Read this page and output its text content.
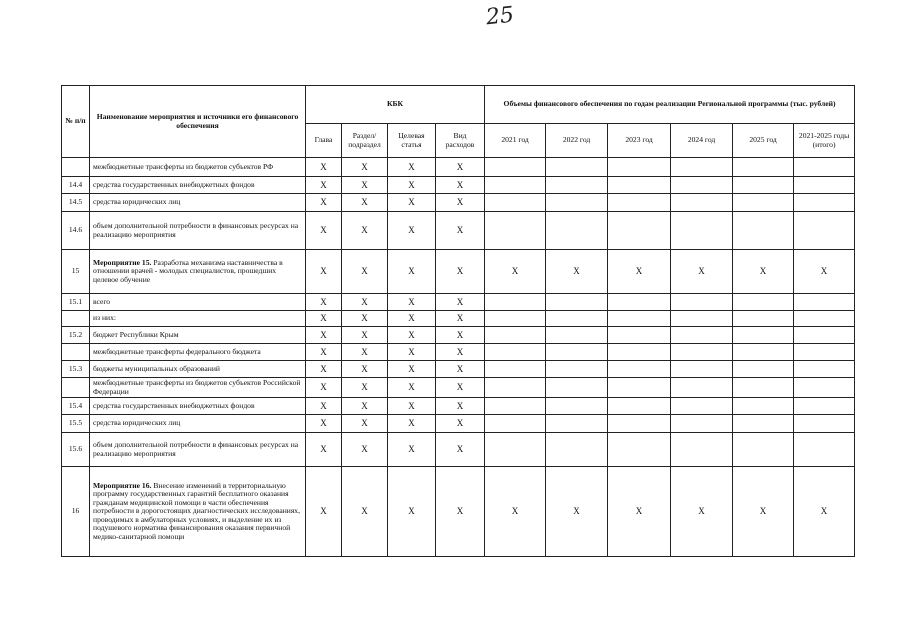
25
№ п/п	Наименование мероприятия и источники его финансового обеспечения	КБК				Объемы финансового обеспечения по годам реализации Региональной программы (тыс. рублей)					
		Глава	Раздел/ подраздел	Целевая статья	Вид расходов	2021 год	2022 год	2023 год	2024 год	2025 год	2021-2025 годы (итого)
	межбюджетные трансферты из бюджетов субъектов РФ	X	X	X	X						
14.4	средства государственных внебюджетных фондов	X	X	X	X						
14.5	средства юридических лиц	X	X	X	X						
14.6	объем дополнительной потребности в финансовых ресурсах на реализацию мероприятия	X	X	X	X						
15	Мероприятие 15. Разработка механизма наставничества в отношении врачей - молодых специалистов, прошедших целевое обучение	X	X	X	X	X	X	X	X	X	X
15.1	всего	X	X	X	X						
	из них:	X	X	X	X						
15.2	бюджет Республики Крым	X	X	X	X						
	межбюджетные трансферты федерального бюджета	X	X	X	X						
15.3	бюджеты муниципальных образований	X	X	X	X						
	межбюджетные трансферты из бюджетов субъектов Российской Федерации	X	X	X	X						
15.4	средства государственных внебюджетных фондов	X	X	X	X						
15.5	средства юридических лиц	X	X	X	X						
15.6	объем дополнительной потребности в финансовых ресурсах на реализацию мероприятия	X	X	X	X						
16	Мероприятие 16. Внесение изменений в территориальную программу государственных гарантий бесплатного оказания гражданам медицинской помощи в части обеспечения потребности в дорогостоящих диагностических исследованиях, проводимых в амбулаторных условиях, и выделение их из подушевого норматива финансирования оказания первичной медико-санитарной помощи	X	X	X	X	X	X	X	X	X	X
